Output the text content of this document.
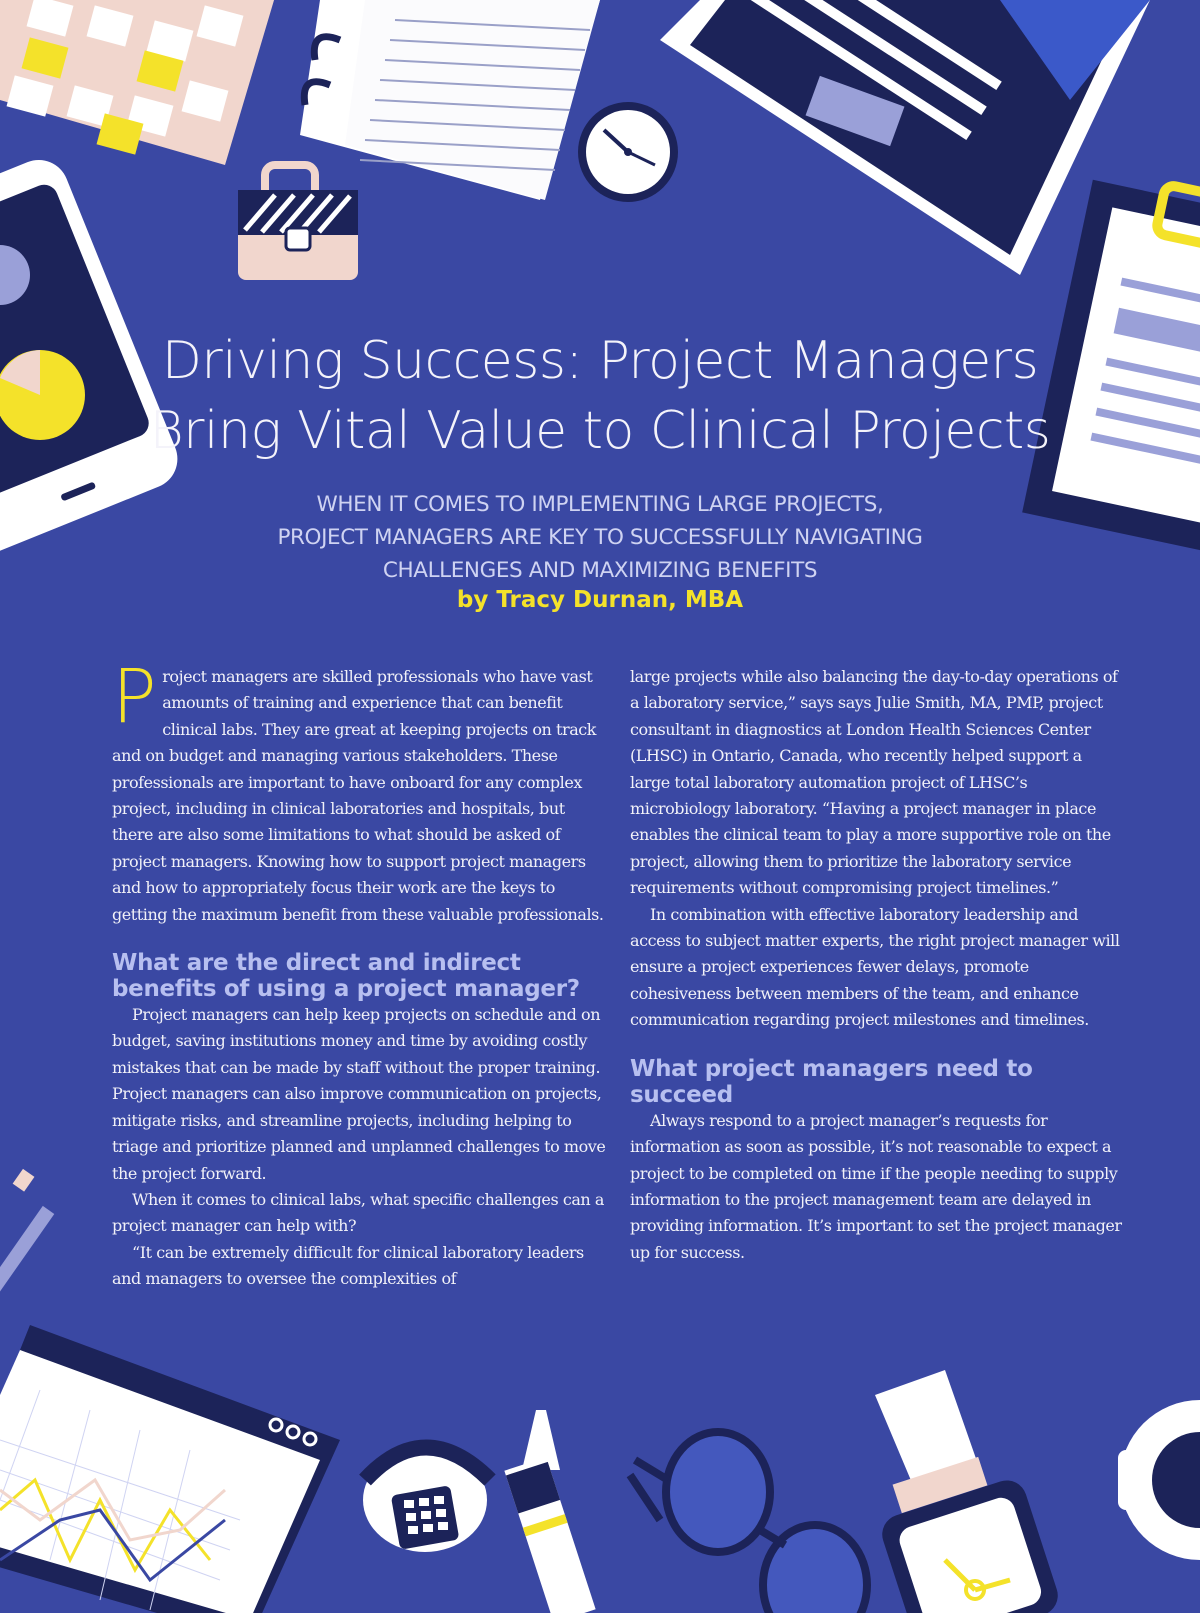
Driving Success: Project Managers
Bring Vital Value to Clinical Projects

WHEN IT COMES TO IMPLEMENTING LARGE PROJECTS,
PROJECT MANAGERS ARE KEY TO SUCCESSFULLY NAVIGATING
CHALLENGES AND MAXIMIZING BENEFITS

by Tracy Durnan, MBA

Project managers are skilled professionals who have vast amounts of training and experience that can benefit clinical labs. They are great at keeping projects on track and on budget and managing various stakeholders. These professionals are important to have onboard for any complex project, including in clinical laboratories and hospitals, but there are also some limitations to what should be asked of project managers. Knowing how to support project managers and how to appropriately focus their work are the keys to getting the maximum benefit from these valuable professionals.

What are the direct and indirect benefits of using a project manager?

Project managers can help keep projects on schedule and on budget, saving institutions money and time by avoiding costly mistakes that can be made by staff without the proper training. Project managers can also improve communication on projects, mitigate risks, and streamline projects, including helping to triage and prioritize planned and unplanned challenges to move the project forward.

When it comes to clinical labs, what specific challenges can a project manager can help with?

“It can be extremely difficult for clinical laboratory leaders and managers to oversee the complexities of

large projects while also balancing the day-to-day operations of a laboratory service,” says says Julie Smith, MA, PMP, project consultant in diagnostics at London Health Sciences Center (LHSC) in Ontario, Canada, who recently helped support a large total laboratory automation project of LHSC’s microbiology laboratory. “Having a project manager in place enables the clinical team to play a more supportive role on the project, allowing them to prioritize the laboratory service requirements without compromising project timelines.”

In combination with effective laboratory leadership and access to subject matter experts, the right project manager will ensure a project experiences fewer delays, promote cohesiveness between members of the team, and enhance communication regarding project milestones and timelines.

What project managers need to succeed

Always respond to a project manager’s requests for information as soon as possible, it’s not reasonable to expect a project to be completed on time if the people needing to supply information to the project management team are delayed in providing information. It’s important to set the project manager up for success.
